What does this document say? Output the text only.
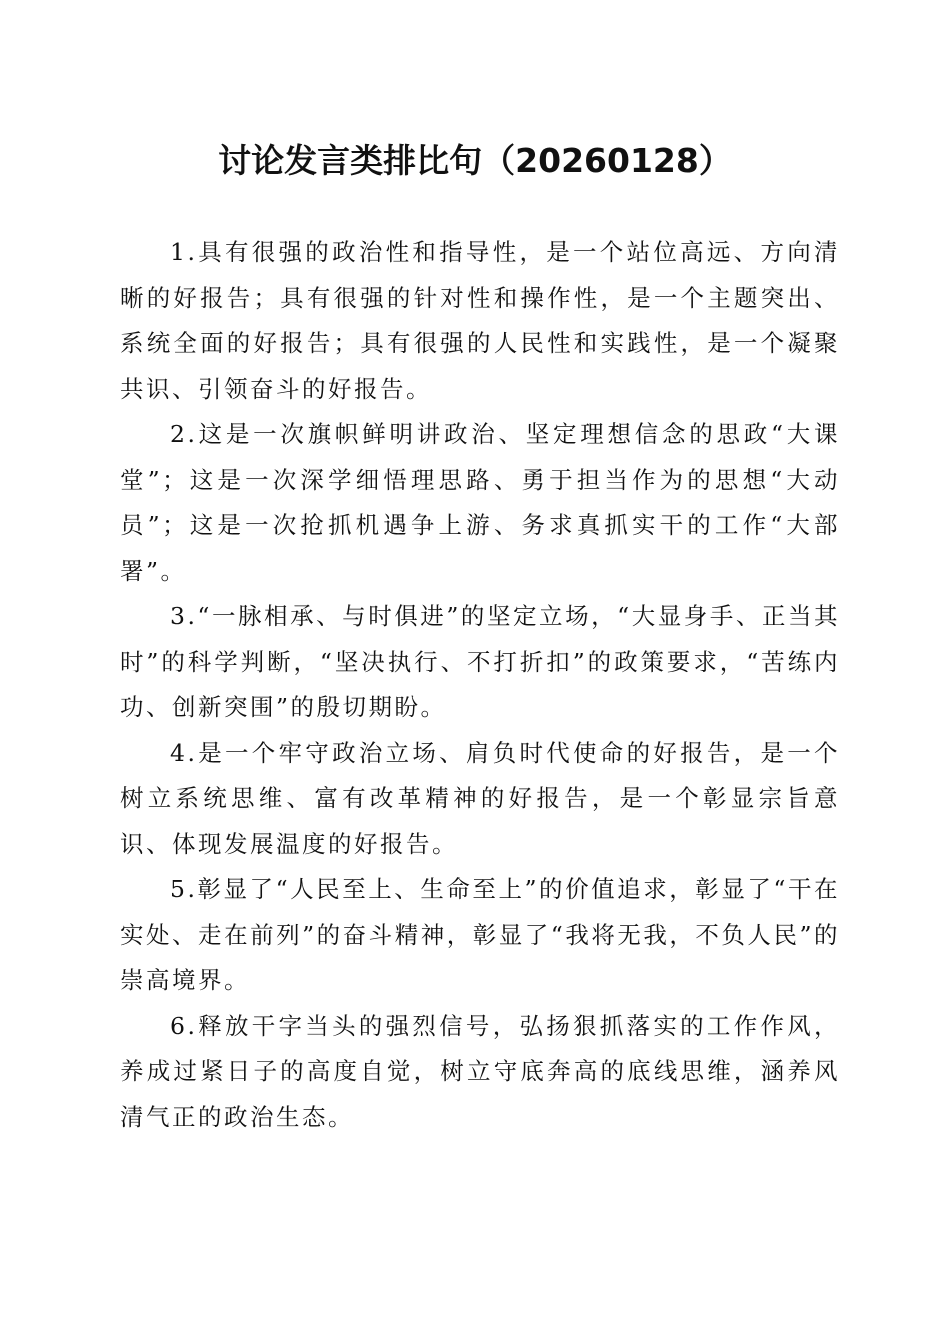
讨论发言类排比句（20260128）

1.具有很强的政治性和指导性，是一个站位高远、方向清晰的好报告；具有很强的针对性和操作性，是一个主题突出、系统全面的好报告；具有很强的人民性和实践性，是一个凝聚共识、引领奋斗的好报告。

2.这是一次旗帜鲜明讲政治、坚定理想信念的思政“大课堂”；这是一次深学细悟理思路、勇于担当作为的思想“大动员”；这是一次抢抓机遇争上游、务求真抓实干的工作“大部署”。

3.“一脉相承、与时俱进”的坚定立场，“大显身手、正当其时”的科学判断，“坚决执行、不打折扣”的政策要求，“苦练内功、创新突围”的殷切期盼。

4.是一个牢守政治立场、肩负时代使命的好报告，是一个树立系统思维、富有改革精神的好报告，是一个彰显宗旨意识、体现发展温度的好报告。

5.彰显了“人民至上、生命至上”的价值追求，彰显了“干在实处、走在前列”的奋斗精神，彰显了“我将无我，不负人民”的崇高境界。

6.释放干字当头的强烈信号，弘扬狠抓落实的工作作风，养成过紧日子的高度自觉，树立守底奔高的底线思维，涵养风清气正的政治生态。
